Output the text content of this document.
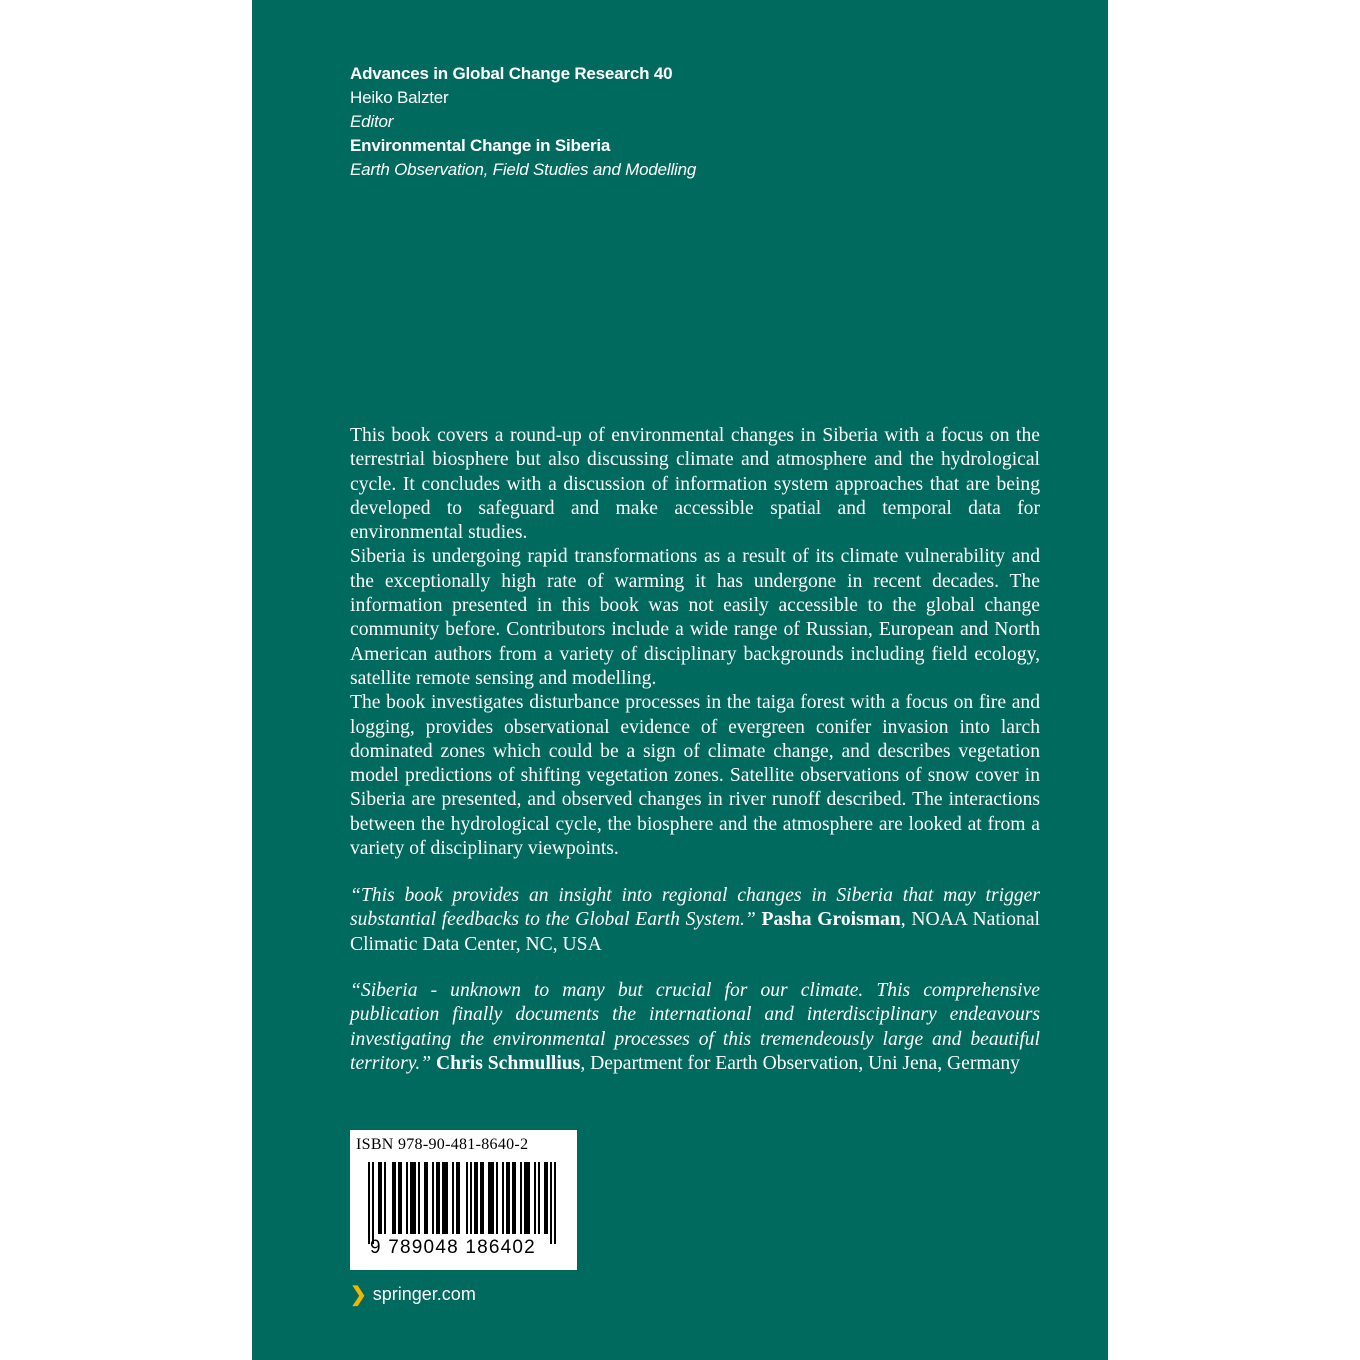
Advances in Global Change Research 40
Heiko Balzter
Editor
Environmental Change in Siberia
Earth Observation, Field Studies and Modelling

This book covers a round-up of environmental changes in Siberia with a focus on the terrestrial biosphere but also discussing climate and atmosphere and the hydrological cycle. It concludes with a discussion of information system approaches that are being developed to safeguard and make accessible spatial and temporal data for environmental studies.

Siberia is undergoing rapid transformations as a result of its climate vulnerability and the exceptionally high rate of warming it has undergone in recent decades. The information presented in this book was not easily accessible to the global change community before. Contributors include a wide range of Russian, European and North American authors from a variety of disciplinary backgrounds including field ecology, satellite remote sensing and modelling.

The book investigates disturbance processes in the taiga forest with a focus on fire and logging, provides observational evidence of evergreen conifer invasion into larch dominated zones which could be a sign of climate change, and describes vegetation model predictions of shifting vegetation zones. Satellite observations of snow cover in Siberia are presented, and observed changes in river runoff described. The interactions between the hydrological cycle, the biosphere and the atmosphere are looked at from a variety of disciplinary viewpoints.

“This book provides an insight into regional changes in Siberia that may trigger substantial feedbacks to the Global Earth System.” Pasha Groisman, NOAA National Climatic Data Center, NC, USA
“Siberia - unknown to many but crucial for our climate. This comprehensive publication finally documents the international and interdisciplinary endeavours investigating the environmental processes of this tremendeously large and beautiful territory.” Chris Schmullius, Department for Earth Observation, Uni Jena, Germany
ISBN 978-90-481-8640-2
9 789048 186402
❯ springer.com
